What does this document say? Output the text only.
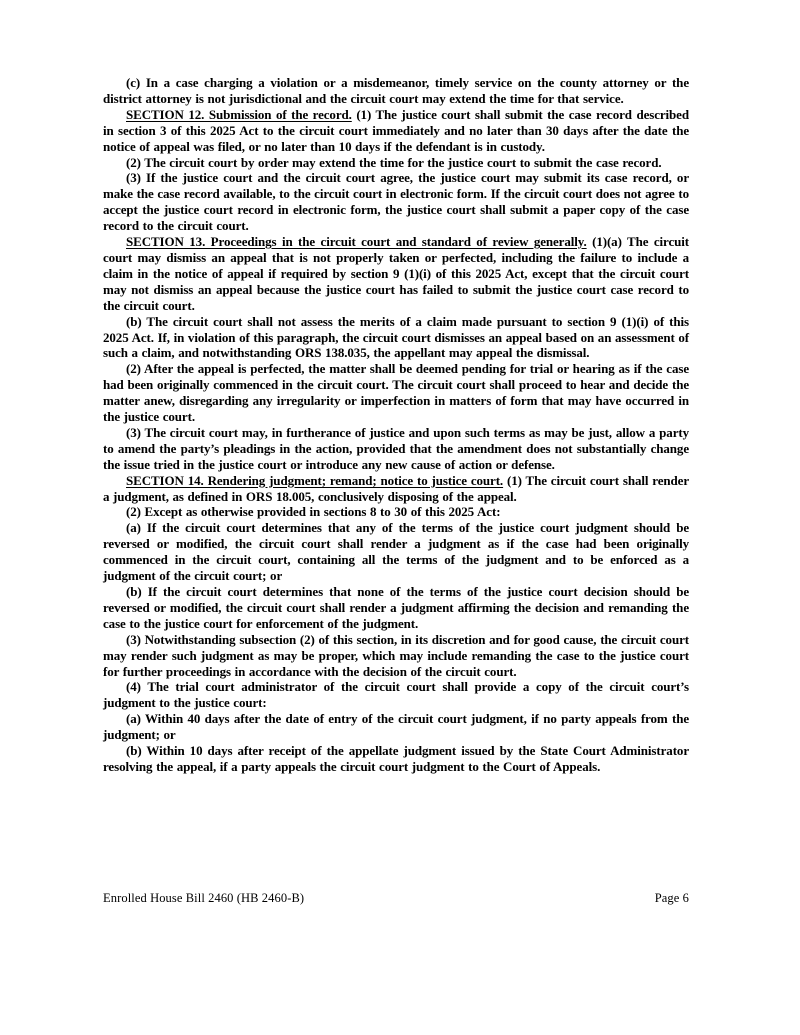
(c) In a case charging a violation or a misdemeanor, timely service on the county attorney or the district attorney is not jurisdictional and the circuit court may extend the time for that service.

SECTION 12. Submission of the record. (1) The justice court shall submit the case record described in section 3 of this 2025 Act to the circuit court immediately and no later than 30 days after the date the notice of appeal was filed, or no later than 10 days if the defendant is in custody.

(2) The circuit court by order may extend the time for the justice court to submit the case record.

(3) If the justice court and the circuit court agree, the justice court may submit its case record, or make the case record available, to the circuit court in electronic form. If the circuit court does not agree to accept the justice court record in electronic form, the justice court shall submit a paper copy of the case record to the circuit court.

SECTION 13. Proceedings in the circuit court and standard of review generally. (1)(a) The circuit court may dismiss an appeal that is not properly taken or perfected, including the failure to include a claim in the notice of appeal if required by section 9 (1)(i) of this 2025 Act, except that the circuit court may not dismiss an appeal because the justice court has failed to submit the justice court case record to the circuit court.

(b) The circuit court shall not assess the merits of a claim made pursuant to section 9 (1)(i) of this 2025 Act. If, in violation of this paragraph, the circuit court dismisses an appeal based on an assessment of such a claim, and notwithstanding ORS 138.035, the appellant may appeal the dismissal.

(2) After the appeal is perfected, the matter shall be deemed pending for trial or hearing as if the case had been originally commenced in the circuit court. The circuit court shall proceed to hear and decide the matter anew, disregarding any irregularity or imperfection in matters of form that may have occurred in the justice court.

(3) The circuit court may, in furtherance of justice and upon such terms as may be just, allow a party to amend the party’s pleadings in the action, provided that the amendment does not substantially change the issue tried in the justice court or introduce any new cause of action or defense.

SECTION 14. Rendering judgment; remand; notice to justice court. (1) The circuit court shall render a judgment, as defined in ORS 18.005, conclusively disposing of the appeal.

(2) Except as otherwise provided in sections 8 to 30 of this 2025 Act:

(a) If the circuit court determines that any of the terms of the justice court judgment should be reversed or modified, the circuit court shall render a judgment as if the case had been originally commenced in the circuit court, containing all the terms of the judgment and to be enforced as a judgment of the circuit court; or

(b) If the circuit court determines that none of the terms of the justice court decision should be reversed or modified, the circuit court shall render a judgment affirming the decision and remanding the case to the justice court for enforcement of the judgment.

(3) Notwithstanding subsection (2) of this section, in its discretion and for good cause, the circuit court may render such judgment as may be proper, which may include remanding the case to the justice court for further proceedings in accordance with the decision of the circuit court.

(4) The trial court administrator of the circuit court shall provide a copy of the circuit court’s judgment to the justice court:

(a) Within 40 days after the date of entry of the circuit court judgment, if no party appeals from the judgment; or

(b) Within 10 days after receipt of the appellate judgment issued by the State Court Administrator resolving the appeal, if a party appeals the circuit court judgment to the Court of Appeals.

Enrolled House Bill 2460 (HB 2460-B)	Page 6
